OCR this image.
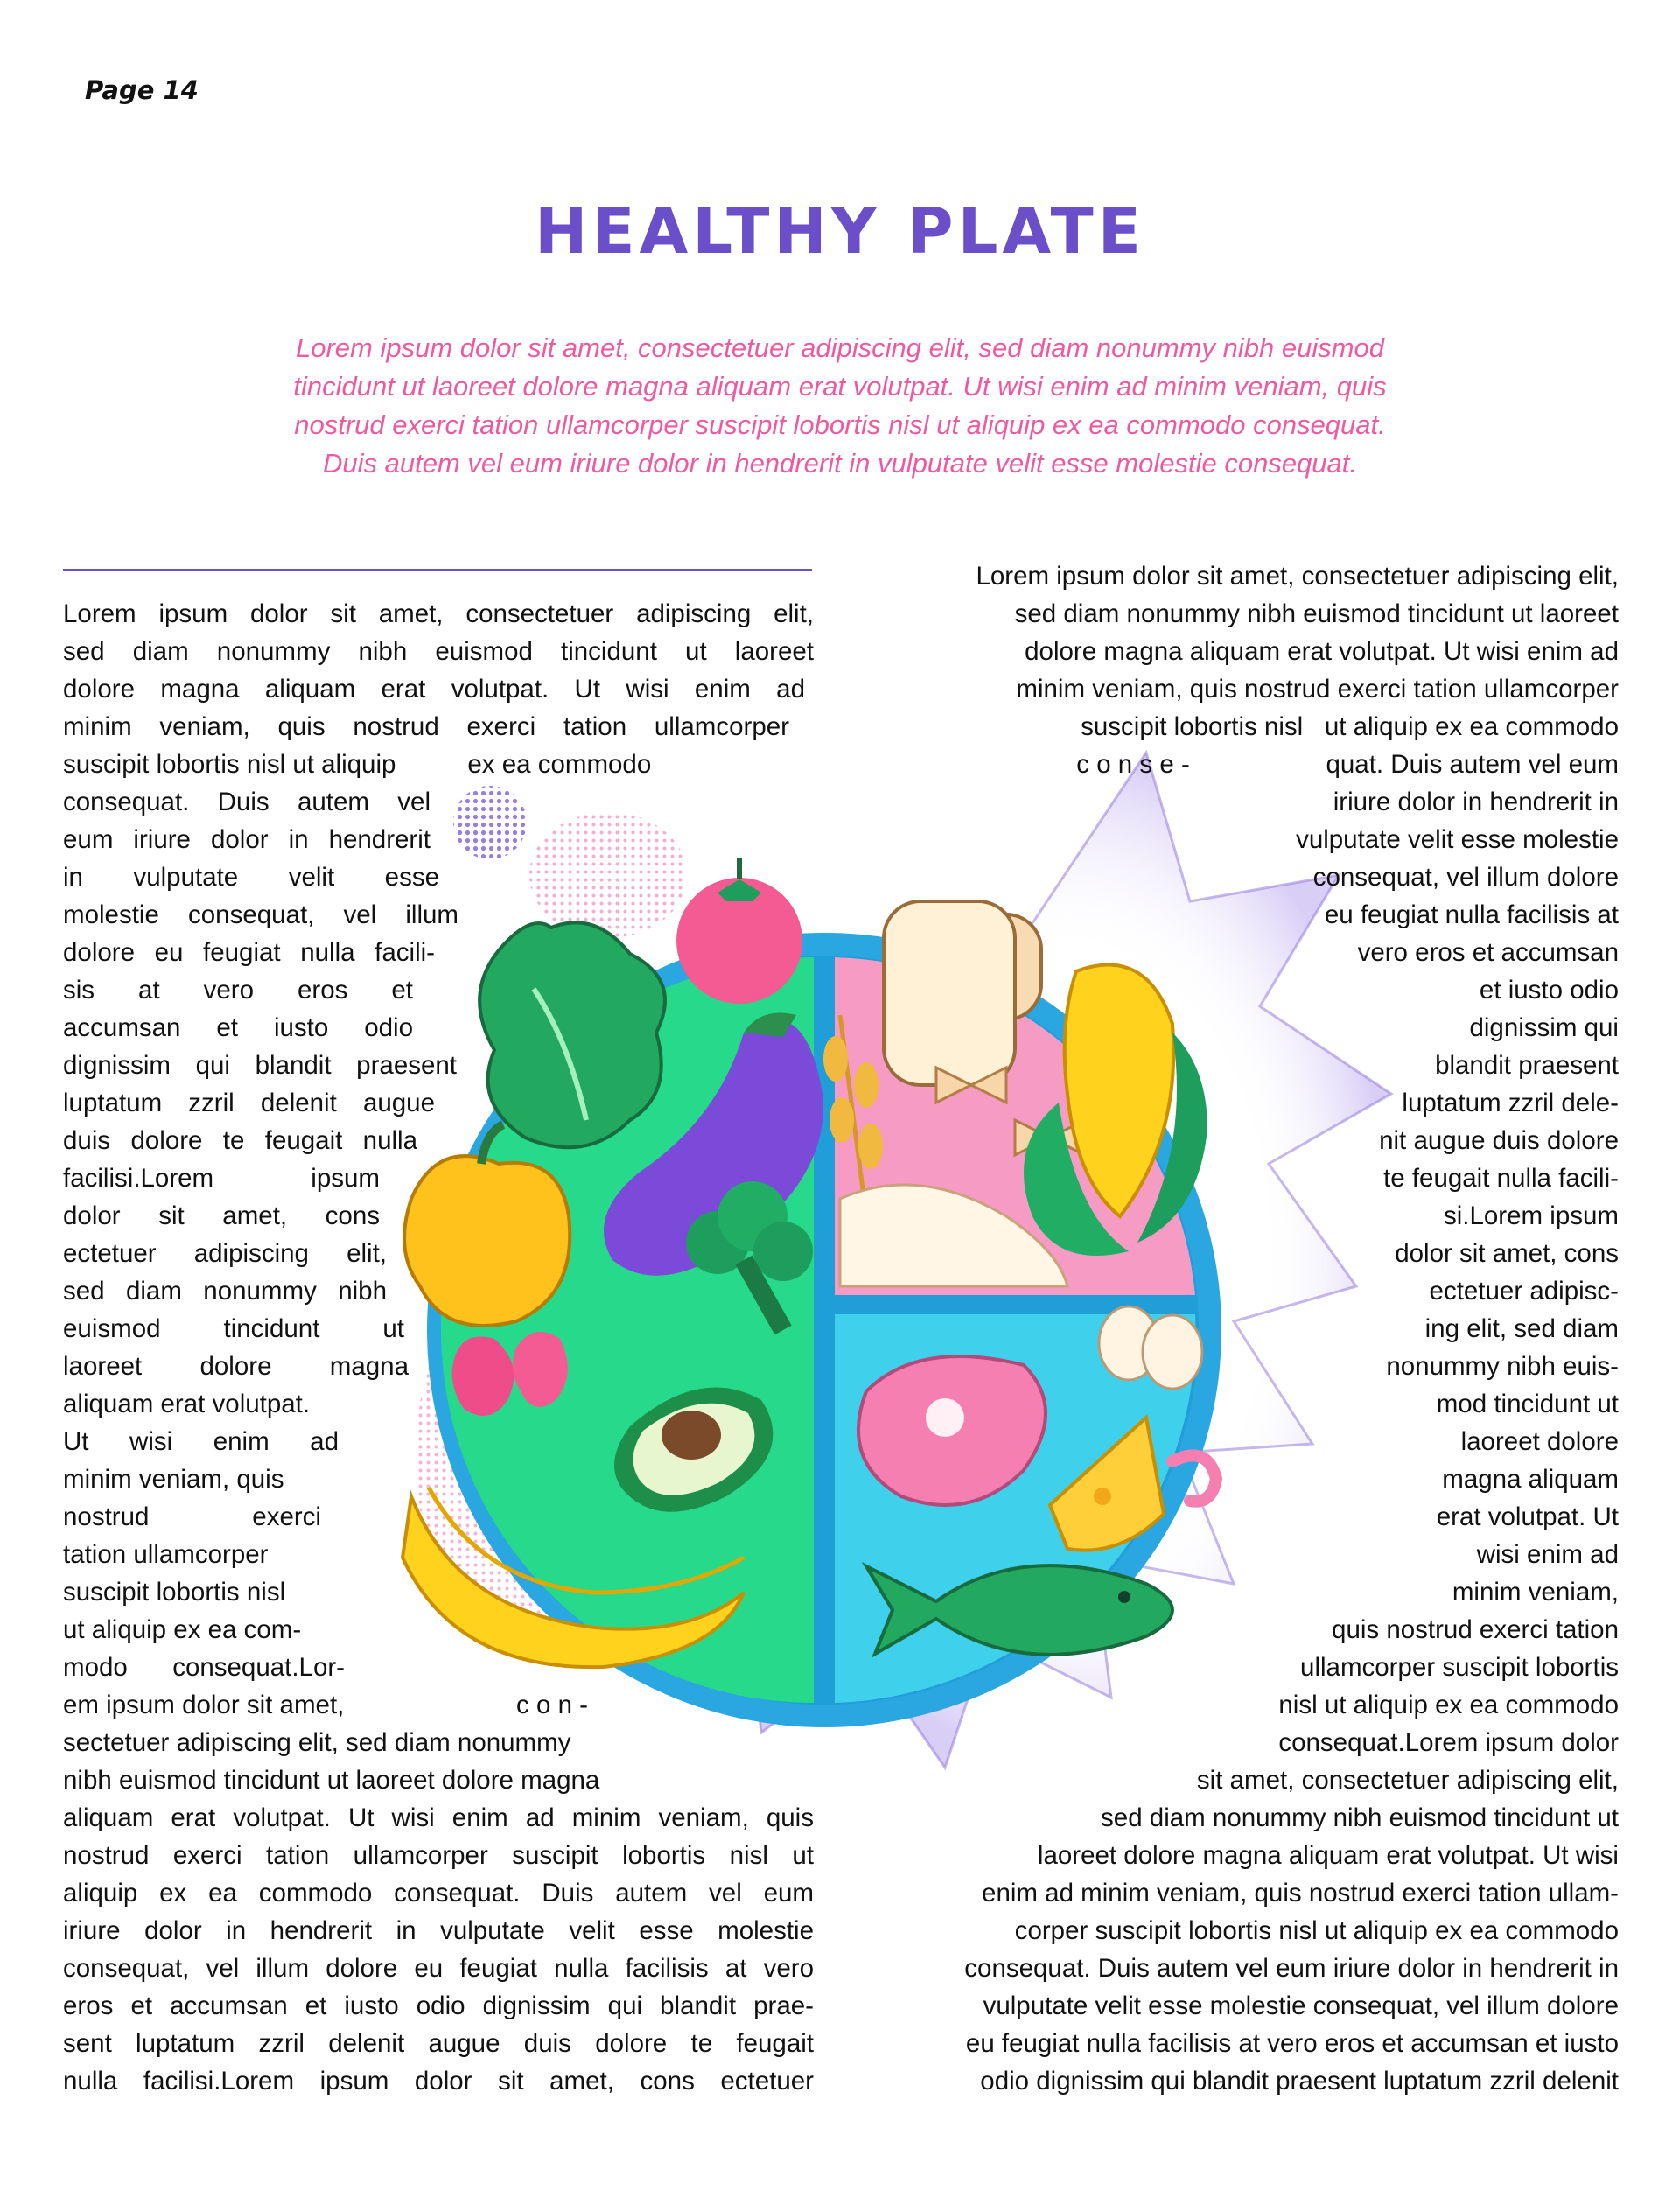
Page 14
HEALTHY PLATE
Lorem ipsum dolor sit amet, consectetuer adipiscing elit, sed diam nonummy nibh euismod
tincidunt ut laoreet dolore magna aliquam erat volutpat. Ut wisi enim ad minim veniam, quis
nostrud exerci tation ullamcorper suscipit lobortis nisl ut aliquip ex ea commodo consequat.
Duis autem vel eum iriure dolor in hendrerit in vulputate velit esse molestie consequat.
Lorem ipsum dolor sit amet, consectetuer adipiscing elit,
sed diam nonummy nibh euismod tincidunt ut laoreet
dolore magna aliquam erat volutpat. Ut wisi enim ad
minim veniam, quis nostrud exerci tation ullamcorper
suscipit lobortis nisl ut aliquip          ex ea commodo
consequat. Duis autem vel
eum iriure dolor in hendrerit
in vulputate velit esse
molestie consequat, vel illum
dolore eu feugiat nulla facili-
sis at vero eros et
accumsan et iusto odio
dignissim qui blandit praesent
luptatum zzril delenit augue
duis dolore te feugait nulla
facilisi.Lorem ipsum
dolor sit amet, cons
ectetuer adipiscing elit,
sed diam nonummy nibh
euismod tincidunt ut
laoreet dolore magna
aliquam erat volutpat.
Ut wisi enim ad
minim veniam, quis
nostrud exerci
tation ullamcorper
suscipit lobortis nisl
ut aliquip ex ea com-
modo consequat.Lor-
em ipsum dolor sit amet,                        c o n -
sectetuer adipiscing elit, sed diam nonummy
nibh euismod tincidunt ut laoreet dolore magna
aliquam erat volutpat. Ut wisi enim ad minim veniam, quis
nostrud exerci tation ullamcorper suscipit lobortis nisl ut
aliquip ex ea commodo consequat. Duis autem vel eum
iriure dolor in hendrerit in vulputate velit esse molestie
consequat, vel illum dolore eu feugiat nulla facilisis at vero
eros et accumsan et iusto odio dignissim qui blandit prae-
sent luptatum zzril delenit augue duis dolore te feugait
nulla facilisi.Lorem ipsum dolor sit amet, cons ectetuer
Lorem ipsum dolor sit amet, consectetuer adipiscing elit,
sed diam nonummy nibh euismod tincidunt ut laoreet
dolore magna aliquam erat volutpat. Ut wisi enim ad
minim veniam, quis nostrud exerci tation ullamcorper
suscipit lobortis nisl   ut aliquip ex ea commodo
c o n s e -                   quat. Duis autem vel eum
iriure dolor in hendrerit in
vulputate velit esse molestie
consequat, vel illum dolore
eu feugiat nulla facilisis at
vero eros et accumsan
et iusto odio
dignissim qui
blandit praesent
luptatum zzril dele-
nit augue duis dolore
te feugait nulla facili-
si.Lorem ipsum
dolor sit amet, cons
ectetuer adipisc-
ing elit, sed diam
nonummy nibh euis-
mod tincidunt ut
laoreet dolore
magna aliquam
erat volutpat. Ut
wisi enim ad
minim veniam,
quis nostrud exerci tation
ullamcorper suscipit lobortis
nisl ut aliquip ex ea commodo
consequat.Lorem ipsum dolor
sit amet, consectetuer adipiscing elit,
sed diam nonummy nibh euismod tincidunt ut
laoreet dolore magna aliquam erat volutpat. Ut wisi
enim ad minim veniam, quis nostrud exerci tation ullam-
corper suscipit lobortis nisl ut aliquip ex ea commodo
consequat. Duis autem vel eum iriure dolor in hendrerit in
vulputate velit esse molestie consequat, vel illum dolore
eu feugiat nulla facilisis at vero eros et accumsan et iusto
odio dignissim qui blandit praesent luptatum zzril delenit
